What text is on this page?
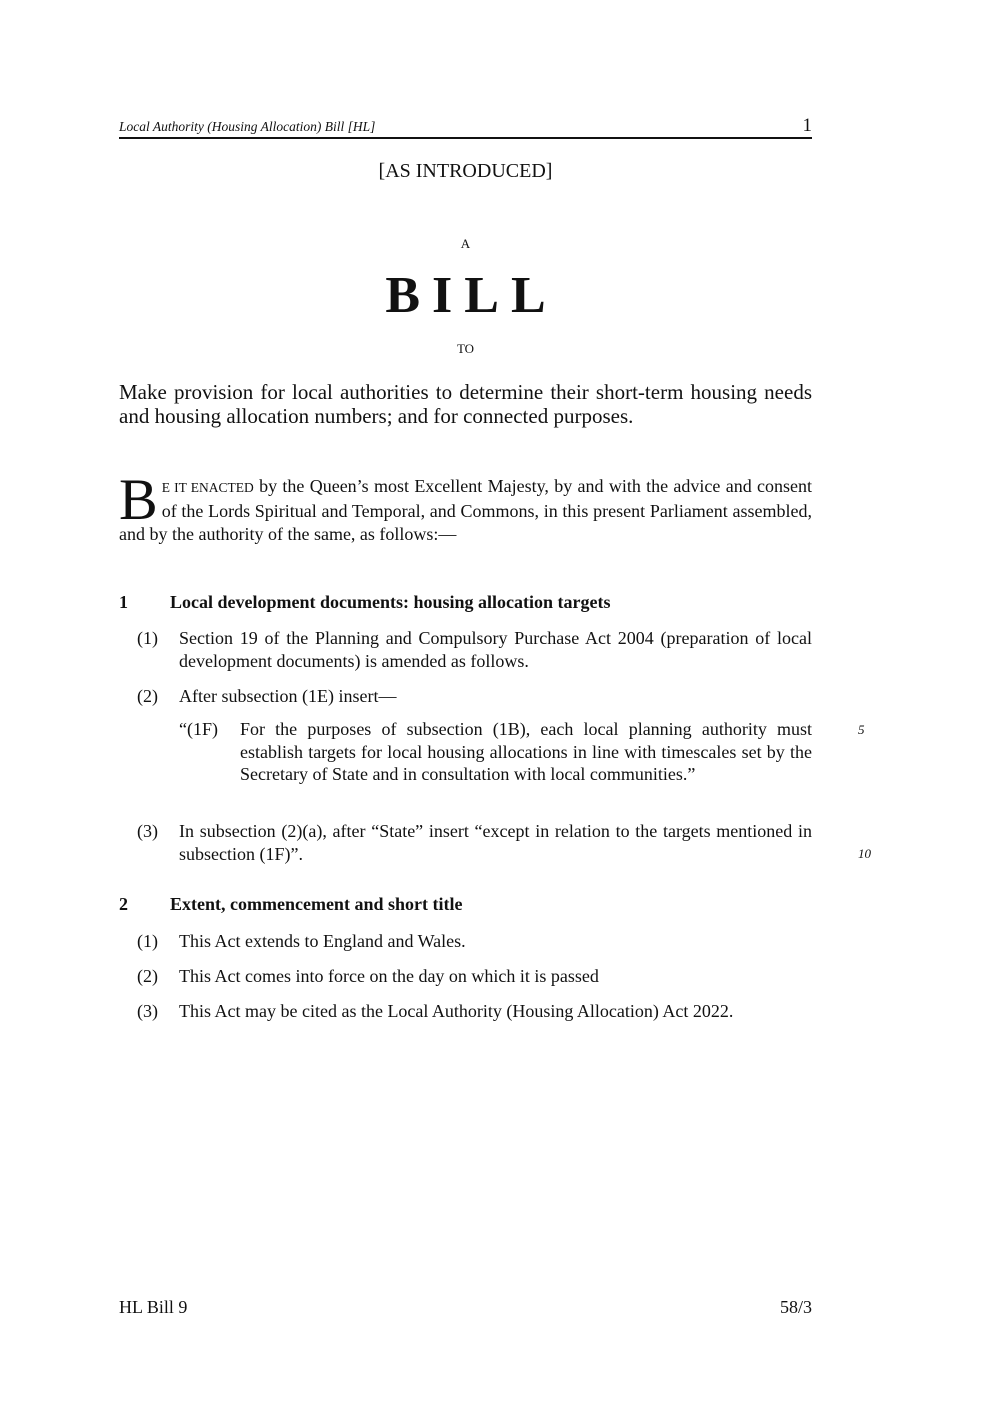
Local Authority (Housing Allocation) Bill [HL]	1
[AS INTRODUCED]
A
BILL
TO
Make provision for local authorities to determine their short-term housing needs and housing allocation numbers; and for connected purposes.
B E IT ENACTED by the Queen’s most Excellent Majesty, by and with the advice and consent of the Lords Spiritual and Temporal, and Commons, in this present Parliament assembled, and by the authority of the same, as follows:—
1 Local development documents: housing allocation targets
(1) Section 19 of the Planning and Compulsory Purchase Act 2004 (preparation of local development documents) is amended as follows.
(2) After subsection (1E) insert—
“(1F) For the purposes of subsection (1B), each local planning authority must establish targets for local housing allocations in line with timescales set by the Secretary of State and in consultation with local communities.”
(3) In subsection (2)(a), after “State” insert “except in relation to the targets mentioned in subsection (1F)”.
5
10
2 Extent, commencement and short title
(1) This Act extends to England and Wales.
(2) This Act comes into force on the day on which it is passed
(3) This Act may be cited as the Local Authority (Housing Allocation) Act 2022.
HL Bill 9	58/3
